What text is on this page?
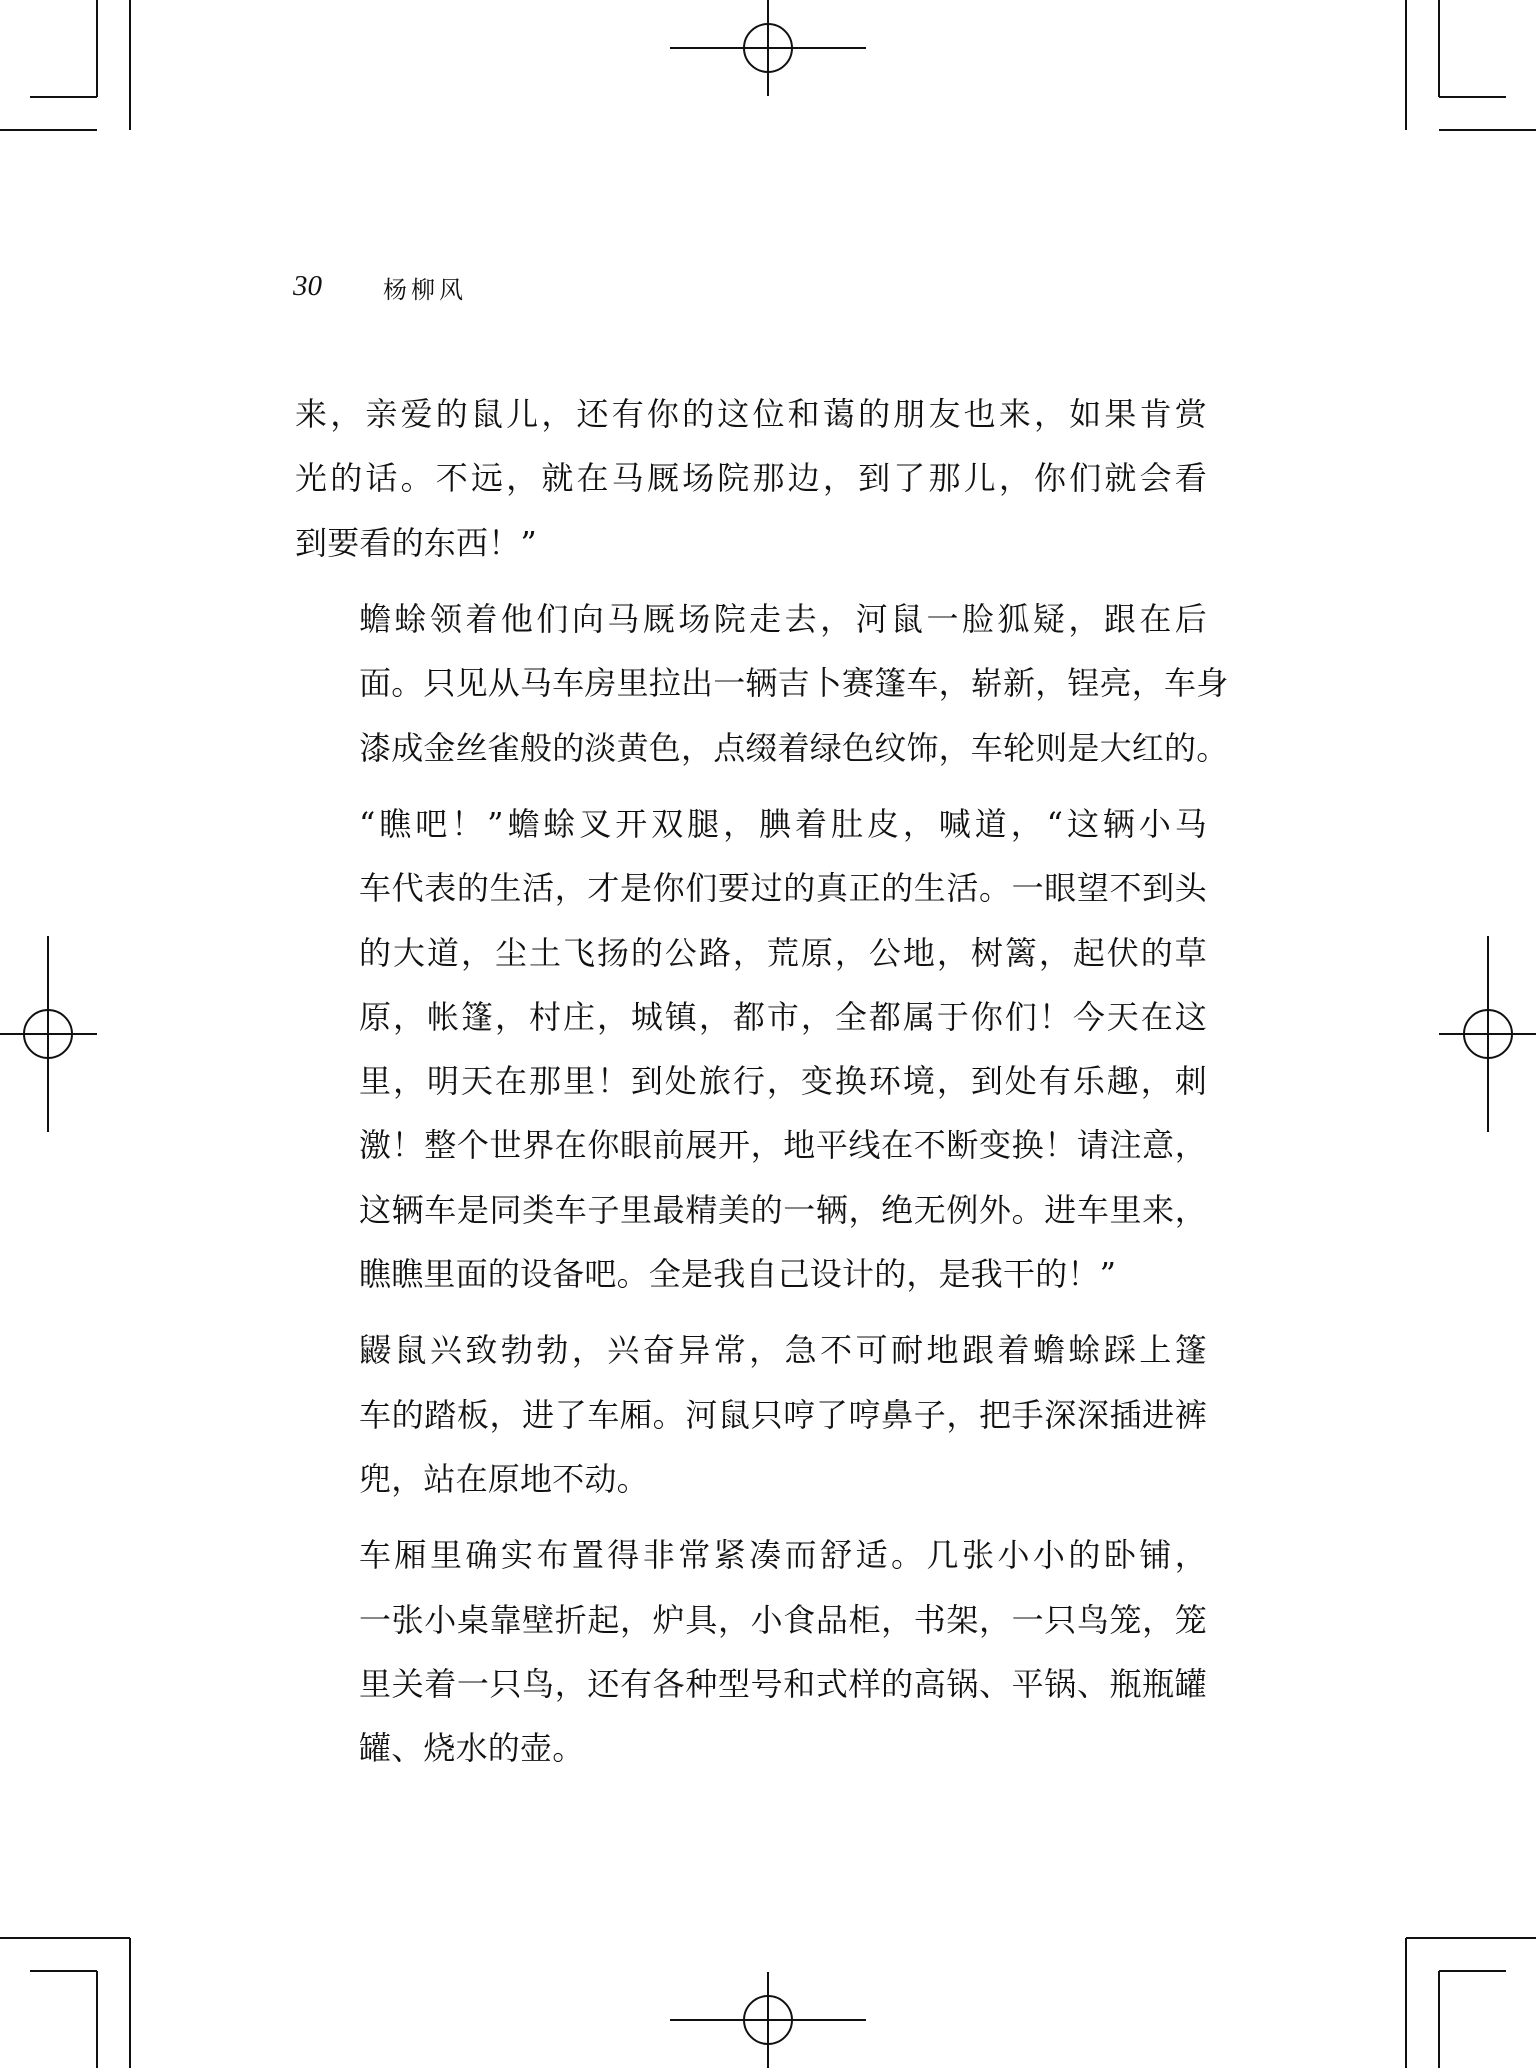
30	杨柳风

来，亲爱的鼠儿，还有你的这位和蔼的朋友也来，如果肯赏
光的话。不远，就在马厩场院那边，到了那儿，你们就会看
到要看的东西！”

蟾蜍领着他们向马厩场院走去，河鼠一脸狐疑，跟在后
面。只见从马车房里拉出一辆吉卜赛篷车，崭新，锃亮，车身
漆成金丝雀般的淡黄色，点缀着绿色纹饰，车轮则是大红的。

“瞧吧！”蟾蜍叉开双腿，腆着肚皮，喊道，“这辆小马
车代表的生活，才是你们要过的真正的生活。一眼望不到头
的大道，尘土飞扬的公路，荒原，公地，树篱，起伏的草
原，帐篷，村庄，城镇，都市，全都属于你们！今天在这
里，明天在那里！到处旅行，变换环境，到处有乐趣，刺
激！整个世界在你眼前展开，地平线在不断变换！请注意，
这辆车是同类车子里最精美的一辆，绝无例外。进车里来，
瞧瞧里面的设备吧。全是我自己设计的，是我干的！”

鼹鼠兴致勃勃，兴奋异常，急不可耐地跟着蟾蜍踩上篷
车的踏板，进了车厢。河鼠只哼了哼鼻子，把手深深插进裤
兜，站在原地不动。

车厢里确实布置得非常紧凑而舒适。几张小小的卧铺，
一张小桌靠壁折起，炉具，小食品柜，书架，一只鸟笼，笼
里关着一只鸟，还有各种型号和式样的高锅、平锅、瓶瓶罐
罐、烧水的壶。
